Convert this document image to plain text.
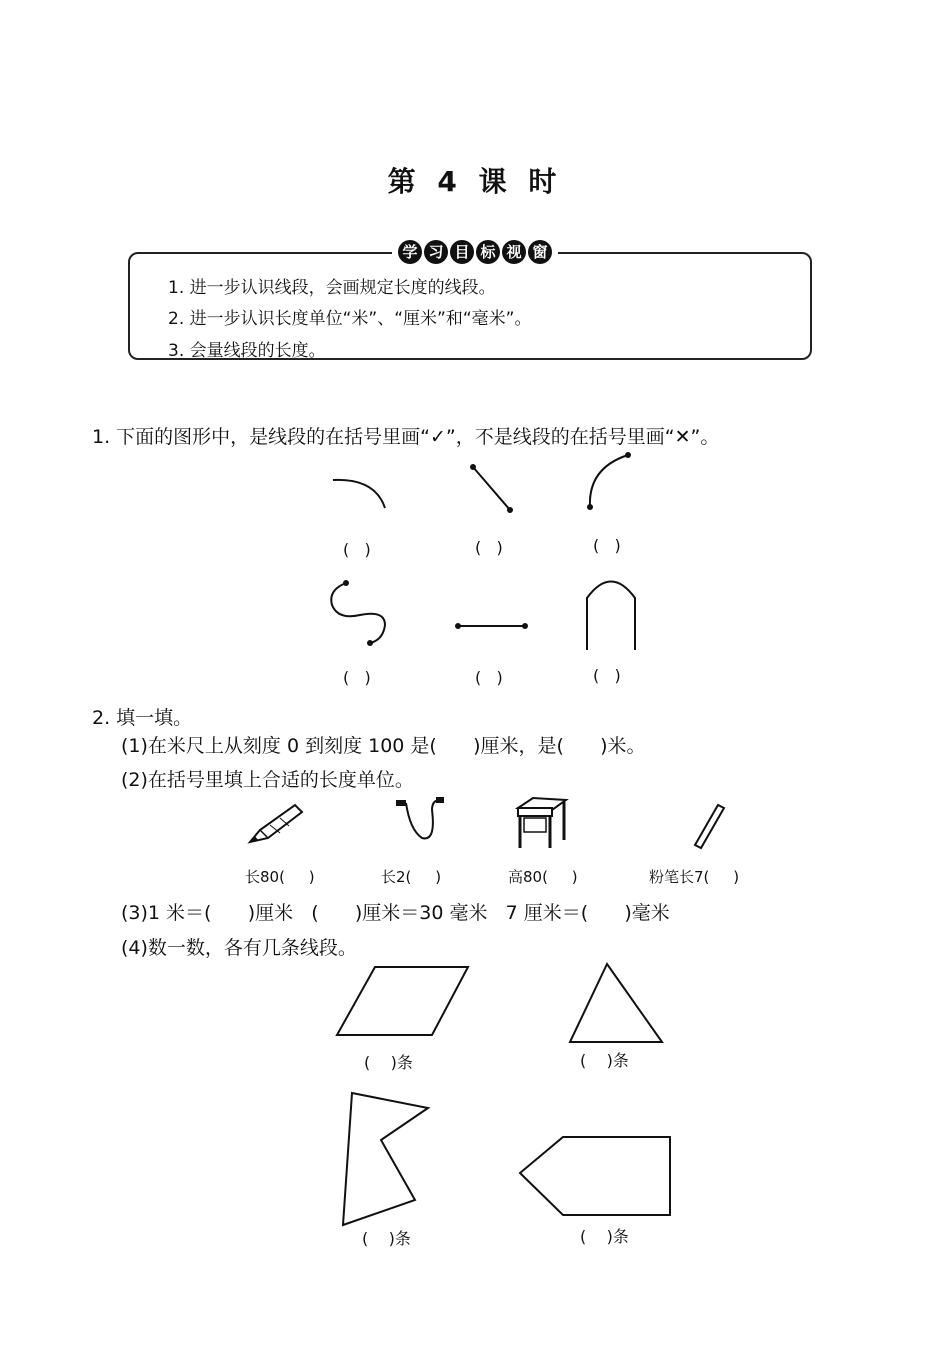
第 4 课 时
学 习 目 标 视 窗
1. 进一步认识线段，会画规定长度的线段。
2. 进一步认识长度单位“米”、“厘米”和“毫米”。
3. 会量线段的长度。
1. 下面的图形中，是线段的在括号里画“✓”，不是线段的在括号里画“✕”。
(   )	(   )	(   )
(   )	(   )	(   )
2. 填一填。
(1)在米尺上从刻度 0 到刻度 100 是(      )厘米，是(      )米。
(2)在括号里填上合适的长度单位。
长80(     )	长2(     )	高80(     )	粉笔长7(     )
(3)1 米＝(      )厘米   (      )厘米＝30 毫米   7 厘米＝(      )毫米
(4)数一数，各有几条线段。
(    )条	(    )条
(    )条	(    )条
